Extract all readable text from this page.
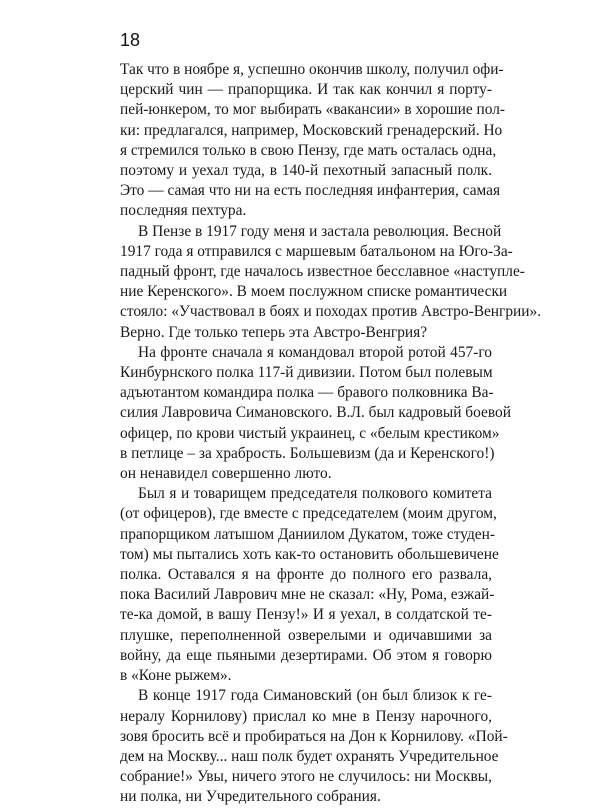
18

Так что в ноябре я, успешно окончив школу, получил офи-
церский чин — прапорщика. И так как кончил я порту-
пей-юнкером, то мог выбирать «вакансии» в хорошие пол-
ки: предлагался, например, Московский гренадерский. Но
я стремился только в свою Пензу, где мать осталась одна,
поэтому и уехал туда, в 140-й пехотный запасный полк.
Это — самая что ни на есть последняя инфантерия, самая
последняя пехтура.

В Пензе в 1917 году меня и застала революция. Весной
1917 года я отправился с маршевым батальоном на Юго-За-
падный фронт, где началось известное бесславное «наступле-
ние Керенского». В моем послужном списке романтически
стояло: «Участвовал в боях и походах против Австро-Венгрии».
Верно. Где только теперь эта Австро-Венгрия?

На фронте сначала я командовал второй ротой 457-го
Кинбурнского полка 117-й дивизии. Потом был полевым
адъютантом командира полка — бравого полковника Ва-
силия Лавровича Симановского. В.Л. был кадровый боевой
офицер, по крови чистый украинец, с «белым крестиком»
в петлице – за храбрость. Большевизм (да и Керенского!)
он ненавидел совершенно люто.

Был я и товарищем председателя полкового комитета
(от офицеров), где вместе с председателем (моим другом,
прапорщиком латышом Даниилом Дукатом, тоже студен-
том) мы пытались хоть как-то остановить обольшевичене
полка. Оставался я на фронте до полного его развала,
пока Василий Лаврович мне не сказал: «Ну, Рома, езжай-
те-ка домой, в вашу Пензу!» И я уехал, в солдатской те-
плушке, переполненной озверелыми и одичавшими за
войну, да еще пьяными дезертирами. Об этом я говорю
в «Коне рыжем».

В конце 1917 года Симановский (он был близок к ге-
нералу Корнилову) прислал ко мне в Пензу нарочного,
зовя бросить всё и пробираться на Дон к Корнилову. «Пой-
дем на Москву... наш полк будет охранять Учредительное
собрание!» Увы, ничего этого не случилось: ни Москвы,
ни полка, ни Учредительного собрания.
